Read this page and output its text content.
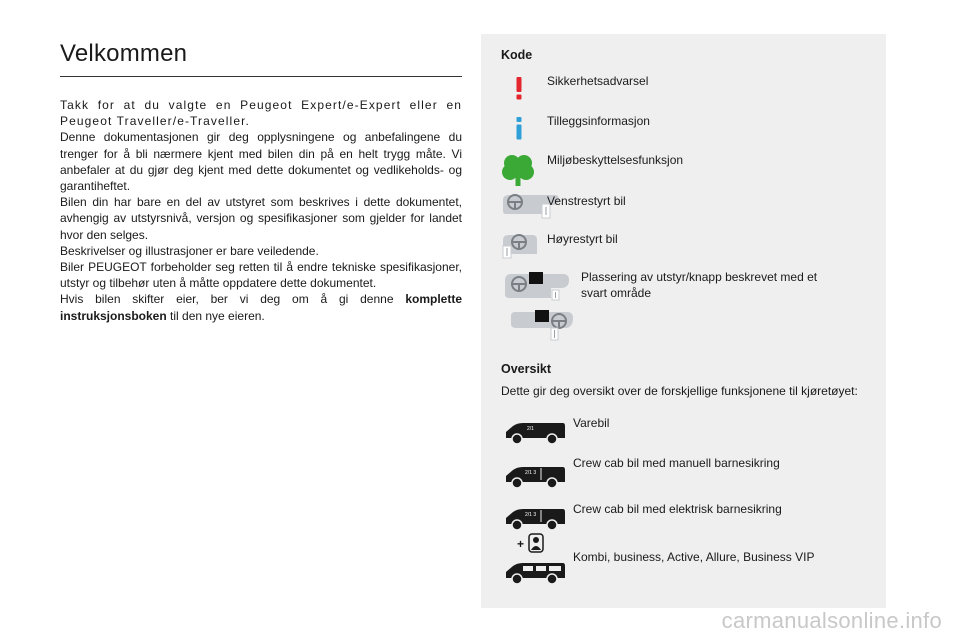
Velkommen

Takk for at du valgte en Peugeot Expert/e-Expert eller en Peugeot Traveller/e-Traveller.

Denne dokumentasjonen gir deg opplysningene og anbefalingene du trenger for å bli nærmere kjent med bilen din på en helt trygg måte. Vi anbefaler at du gjør deg kjent med dette dokumentet og vedlikeholds- og garantiheftet.

Bilen din har bare en del av utstyret som beskrives i dette dokumentet, avhengig av utstyrsnivå, versjon og spesifikasjoner som gjelder for landet hvor den selges.

Beskrivelser og illustrasjoner er bare veiledende.

Biler PEUGEOT forbeholder seg retten til å endre tekniske spesifikasjoner, utstyr og tilbehør uten å måtte oppdatere dette dokumentet.

Hvis bilen skifter eier, ber vi deg om å gi denne komplette instruksjonsboken til den nye eieren.

Kode
Sikkerhetsadvarsel
Tilleggsinformasjon
Miljøbeskyttelsesfunksjon
Venstrestyrt bil
Høyrestyrt bil
Plassering av utstyr/knapp beskrevet med et svart område
Oversikt
Dette gir deg oversikt over de forskjellige funksjonene til kjøretøyet:
2/1	Varebil
2/1 3
Crew cab bil med manuell barnesikring
2/1 3
+
Crew cab bil med elektrisk barnesikring
Kombi, business, Active, Allure, Business VIP
carmanualsonline.info
